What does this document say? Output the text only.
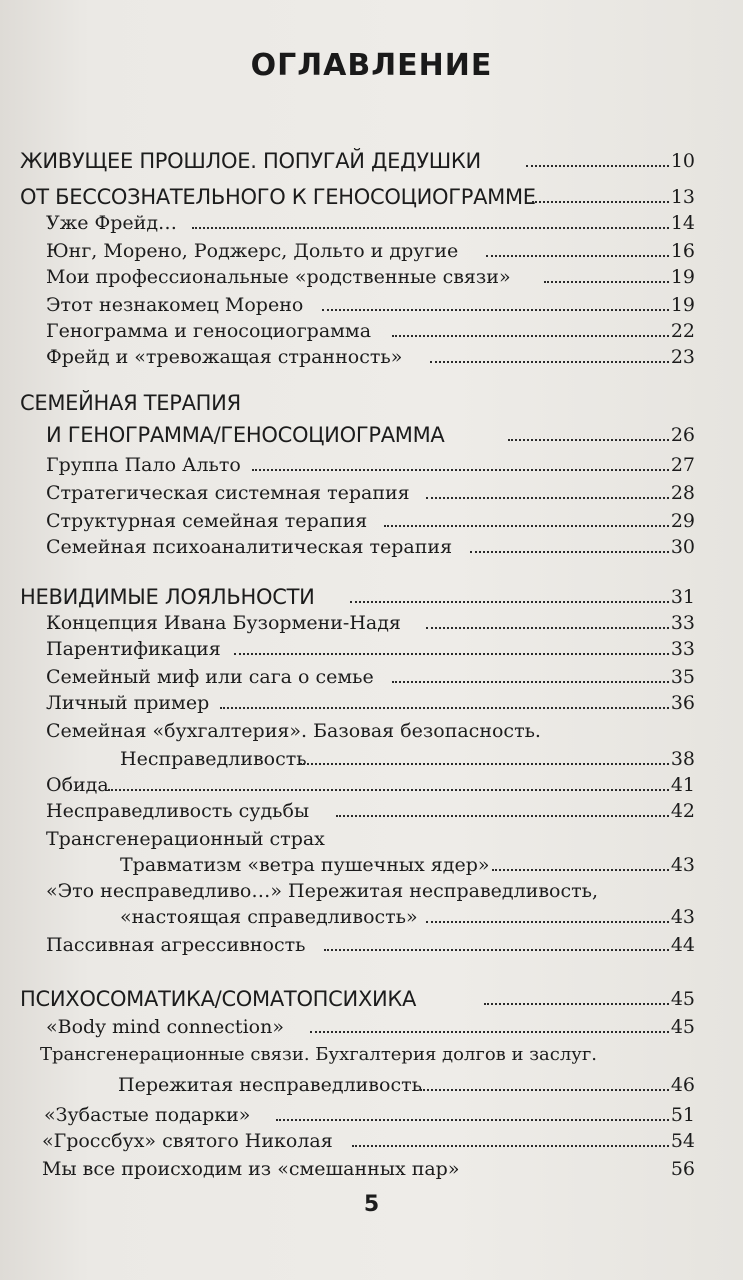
ОГЛАВЛЕНИЕ
ЖИВУЩЕЕ ПРОШЛОЕ. ПОПУГАЙ ДЕДУШКИ	10
ОТ БЕССОЗНАТЕЛЬНОГО К ГЕНОСОЦИОГРАММЕ	13
Уже Фрейд…	14
Юнг, Морено, Роджерс, Дольто и другие	16
Мои профессиональные «родственные связи»	19
Этот незнакомец Морено	19
Генограмма и геносоциограмма	22
Фрейд и «тревожащая странность»	23
СЕМЕЙНАЯ ТЕРАПИЯ
И ГЕНОГРАММА/ГЕНОСОЦИОГРАММА	26
Группа Пало Альто	27
Стратегическая системная терапия	28
Структурная семейная терапия	29
Семейная психоаналитическая терапия	30
НЕВИДИМЫЕ ЛОЯЛЬНОСТИ	31
Концепция Ивана Бузормени-Надя	33
Парентификация	33
Семейный миф или сага о семье	35
Личный пример	36
Семейная «бухгалтерия». Базовая безопасность.
Несправедливость	38
Обида	41
Несправедливость судьбы	42
Трансгенерационный страх
Травматизм «ветра пушечных ядер»	43
«Это несправедливо…» Пережитая несправедливость,
«настоящая справедливость»	43
Пассивная агрессивность	44
ПСИХОСОМАТИКА/СОМАТОПСИХИКА	45
«Body mind connection»	45
Трансгенерационные связи. Бухгалтерия долгов и заслуг.
Пережитая несправедливость	46
«Зубастые подарки»	51
«Гроссбух» святого Николая	54
Мы все происходим из «смешанных пар»	56
5
